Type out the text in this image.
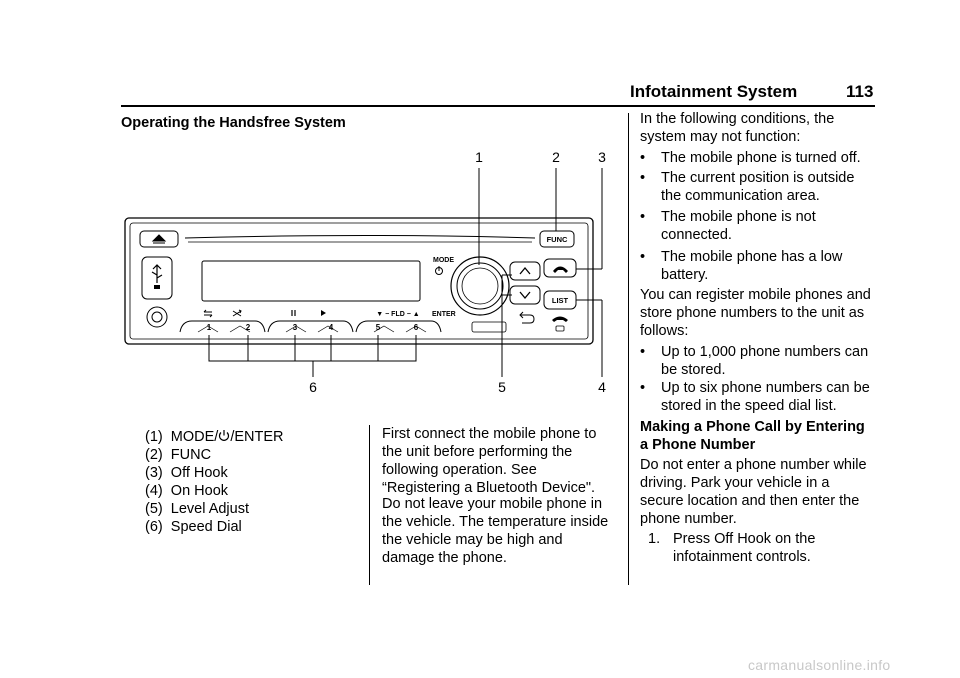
Infotainment System	113
Operating the Handsfree System
1	2	3
4
5
6
MODE
ENTER
FUNC
LIST
▼ − FLD − ▲
1	2	3	4	5	6
(1) MODE/ /ENTER
(2) FUNC
(3) Off Hook
(4) On Hook
(5) Level Adjust
(6) Speed Dial

First connect the mobile phone to the unit before performing the following operation. See “Registering a Bluetooth Device".

Do not leave your mobile phone in the vehicle. The temperature inside the vehicle may be high and damage the phone.

In the following conditions, the system may not function:

• The mobile phone is turned off.
• The current position is outside the communication area.
• The mobile phone is not connected.
• The mobile phone has a low battery.

You can register mobile phones and store phone numbers to the unit as follows:

• Up to 1,000 phone numbers can be stored.
• Up to six phone numbers can be stored in the speed dial list.

Making a Phone Call by Entering a Phone Number

Do not enter a phone number while driving. Park your vehicle in a secure location and then enter the phone number.

1. Press Off Hook on the infotainment controls.
carmanualsonline.info
